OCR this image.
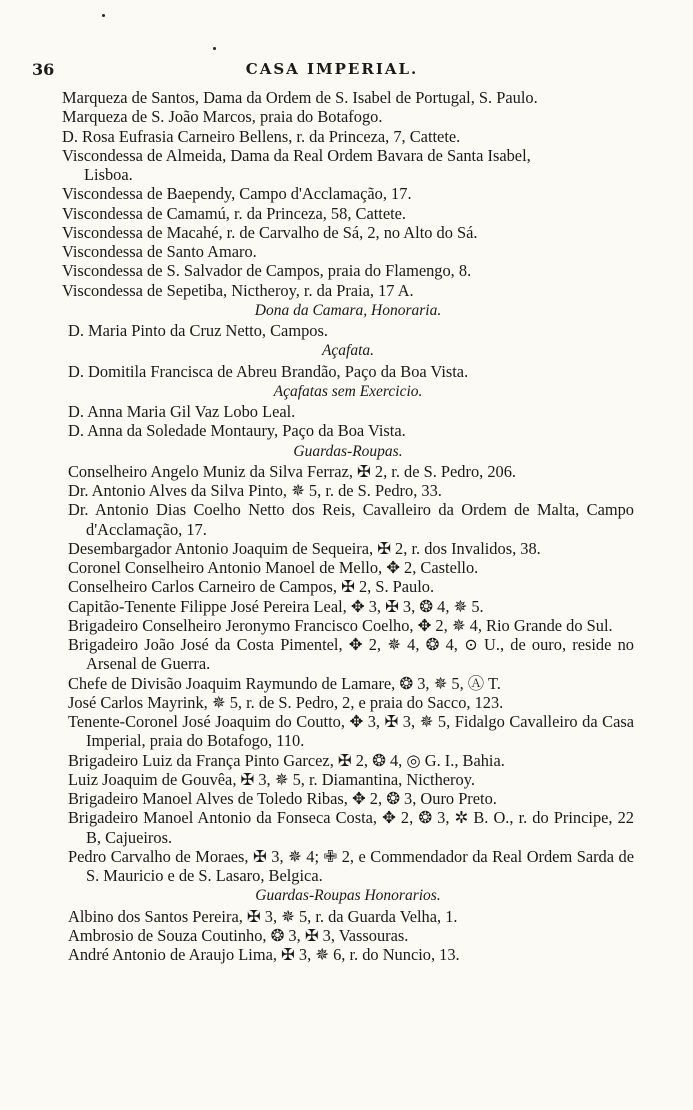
36	CASA IMPERIAL.
Marqueza de Santos, Dama da Ordem de S. Isabel de Portugal, S. Paulo.
Marqueza de S. João Marcos, praia do Botafogo.
D. Rosa Eufrasia Carneiro Bellens, r. da Princeza, 7, Cattete.
Viscondessa de Almeida, Dama da Real Ordem Bavara de Santa Isabel,
Lisboa.
Viscondessa de Baependy, Campo d'Acclamação, 17.
Viscondessa de Camamú, r. da Princeza, 58, Cattete.
Viscondessa de Macahé, r. de Carvalho de Sá, 2, no Alto do Sá.
Viscondessa de Santo Amaro.
Viscondessa de S. Salvador de Campos, praia do Flamengo, 8.
Viscondessa de Sepetiba, Nictheroy, r. da Praia, 17 A.
Dona da Camara, Honoraria.
D. Maria Pinto da Cruz Netto, Campos.
Açafata.
D. Domitila Francisca de Abreu Brandão, Paço da Boa Vista.
Açafatas sem Exercicio.
D. Anna Maria Gil Vaz Lobo Leal.
D. Anna da Soledade Montaury, Paço da Boa Vista.
Guardas-Roupas.
Conselheiro Angelo Muniz da Silva Ferraz, ✠ 2, r. de S. Pedro, 206.
Dr. Antonio Alves da Silva Pinto, ✵ 5, r. de S. Pedro, 33.
Dr. Antonio Dias Coelho Netto dos Reis, Cavalleiro da Ordem de Malta, Campo d'Acclamação, 17.
Desembargador Antonio Joaquim de Sequeira, ✠ 2, r. dos Invalidos, 38.
Coronel Conselheiro Antonio Manoel de Mello, ✥ 2, Castello.
Conselheiro Carlos Carneiro de Campos, ✠ 2, S. Paulo.
Capitão-Tenente Filippe José Pereira Leal, ✥ 3, ✠ 3, ❂ 4, ✵ 5.
Brigadeiro Conselheiro Jeronymo Francisco Coelho, ✥ 2, ✵ 4, Rio Grande do Sul.
Brigadeiro João José da Costa Pimentel, ✥ 2, ✵ 4, ❂ 4, ⊙ U., de ouro, reside no Arsenal de Guerra.
Chefe de Divisão Joaquim Raymundo de Lamare, ❂ 3, ✵ 5, Ⓐ T.
José Carlos Mayrink, ✵ 5, r. de S. Pedro, 2, e praia do Sacco, 123.
Tenente-Coronel José Joaquim do Coutto, ✥ 3, ✠ 3, ✵ 5, Fidalgo Cavalleiro da Casa Imperial, praia do Botafogo, 110.
Brigadeiro Luiz da França Pinto Garcez, ✠ 2, ❂ 4, ◎ G. I., Bahia.
Luiz Joaquim de Gouvêa, ✠ 3, ✵ 5, r. Diamantina, Nictheroy.
Brigadeiro Manoel Alves de Toledo Ribas, ✥ 2, ❂ 3, Ouro Preto.
Brigadeiro Manoel Antonio da Fonseca Costa, ✥ 2, ❂ 3, ✲ B. O., r. do Principe, 22 B, Cajueiros.
Pedro Carvalho de Moraes, ✠ 3, ✵ 4; ✙ 2, e Commendador da Real Ordem Sarda de S. Mauricio e de S. Lasaro, Belgica.
Guardas-Roupas Honorarios.
Albino dos Santos Pereira, ✠ 3, ✵ 5, r. da Guarda Velha, 1.
Ambrosio de Souza Coutinho, ❂ 3, ✠ 3, Vassouras.
André Antonio de Araujo Lima, ✠ 3, ✵ 6, r. do Nuncio, 13.
